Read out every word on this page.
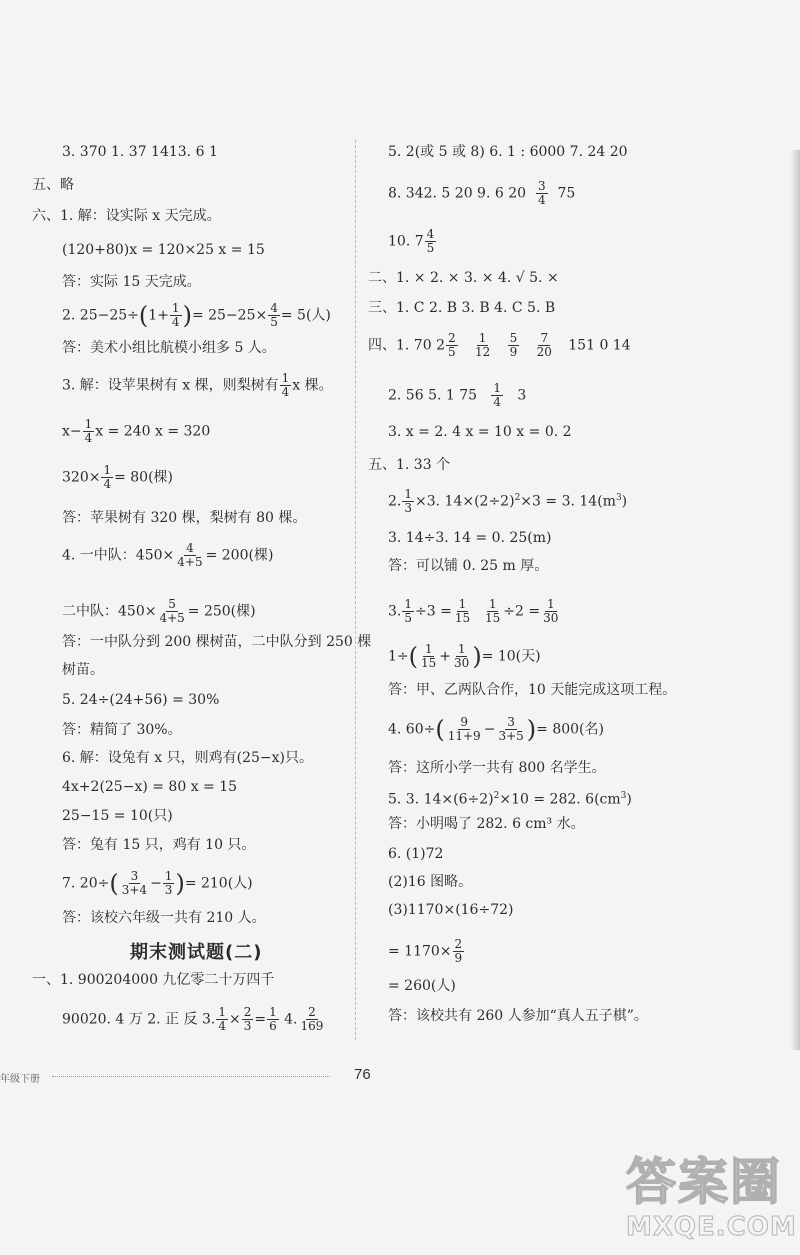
3. 370 1. 37 1413. 6 1
五、略
六、1. 解：设实际 x 天完成。
(120+80)x = 120×25 x = 15
答：实际 15 天完成。
2. $25-25\div(1+ \frac{1}{4}$ )= $25-25\times \frac{4}{5} = 5$(人)
答：美术小组比航模小组多 5 人。
3. 解：设苹果树有 x 棵，则梨树有 $\frac{1}{4}$ x 棵。
$x- \frac{1}{4}$ x = 240 x = 320
$320\times \frac{1}{4} = 80$(棵)
答：苹果树有 320 棵，梨树有 80 棵。
4. 一中队：$450\times \frac{4}{4+5} = 200$(棵)
二中队：$450\times \frac{5}{4+5} = 250$(棵)
答：一中队分到 200 棵树苗，二中队分到 250 棵
树苗。
5. 24÷(24+56) = 30%
答：精简了 30%。
6. 解：设兔有 x 只，则鸡有(25−x)只。
4x+2(25−x) = 80 x = 15
25−15 = 10(只)
答：兔有 15 只，鸡有 10 只。
7. $20\div( \frac{3}{3+4} - \frac{1}{3}$ )= 210(人)
答：该校六年级一共有 210 人。
期末测试题(二)
一、1. 900204000 九亿零二十万四千
90020. 4 万 2. 正 反 3. $\frac{1}{4} \times \frac{2}{3} = \frac{1}{6} 4$. $\frac{2}{169}$
5. 2(或 5 或 8) 6. 1 : 6000 7. 24 20
8. 342. 5 20 9. 6 $20 \frac{3}{4} 75$
10. $7 \frac{4}{5}$
二、1. × 2. × 3. × 4. √ 5. ×
三、1. C 2. B 3. B 4. C 5. B
四、1. 70 $2 \frac{2}{5}$
$\frac{1}{12}$
$\frac{5}{9}$
$\frac{7}{20} 151$ 0 14
2. 56 5. 1 $75 \frac{1}{4} 3$
3. x = 2. 4 x = 10 x = 0. 2
五、1. 33 个
2. $\frac{1}{3} \times 3$. $14\times(2\div 2)^2\times 3 = 3$. $14(m^3)$
3. 14÷3. 14 = 0. 25(m)
答：可以铺 0. 25 m 厚。
3. $\frac{1}{5} \div 3 = \frac{1}{15}$
$\frac{1}{15} \div 2 = \frac{1}{30}$
$1\div( \frac{1}{15} + \frac{1}{30}$ )= 10(天)
答：甲、乙两队合作，10 天能完成这项工程。
4. $60\div( \frac{9}{11+9} - \frac{3}{3+5}$ )= 800(名)
答：这所小学一共有 800 名学生。
5. 3. $14\times(6\div 2)^2\times 10 = 282$. $6(cm^3)$
答：小明喝了 282. 6 cm³ 水。
6. (1)72
(2)16 图略。
(3)1170×(16÷72)
= $1170\times \frac{2}{9}$
= 260(人)
答：该校共有 260 人参加“真人五子棋”。
年级下册	76
答案圈
MXQE.COM
